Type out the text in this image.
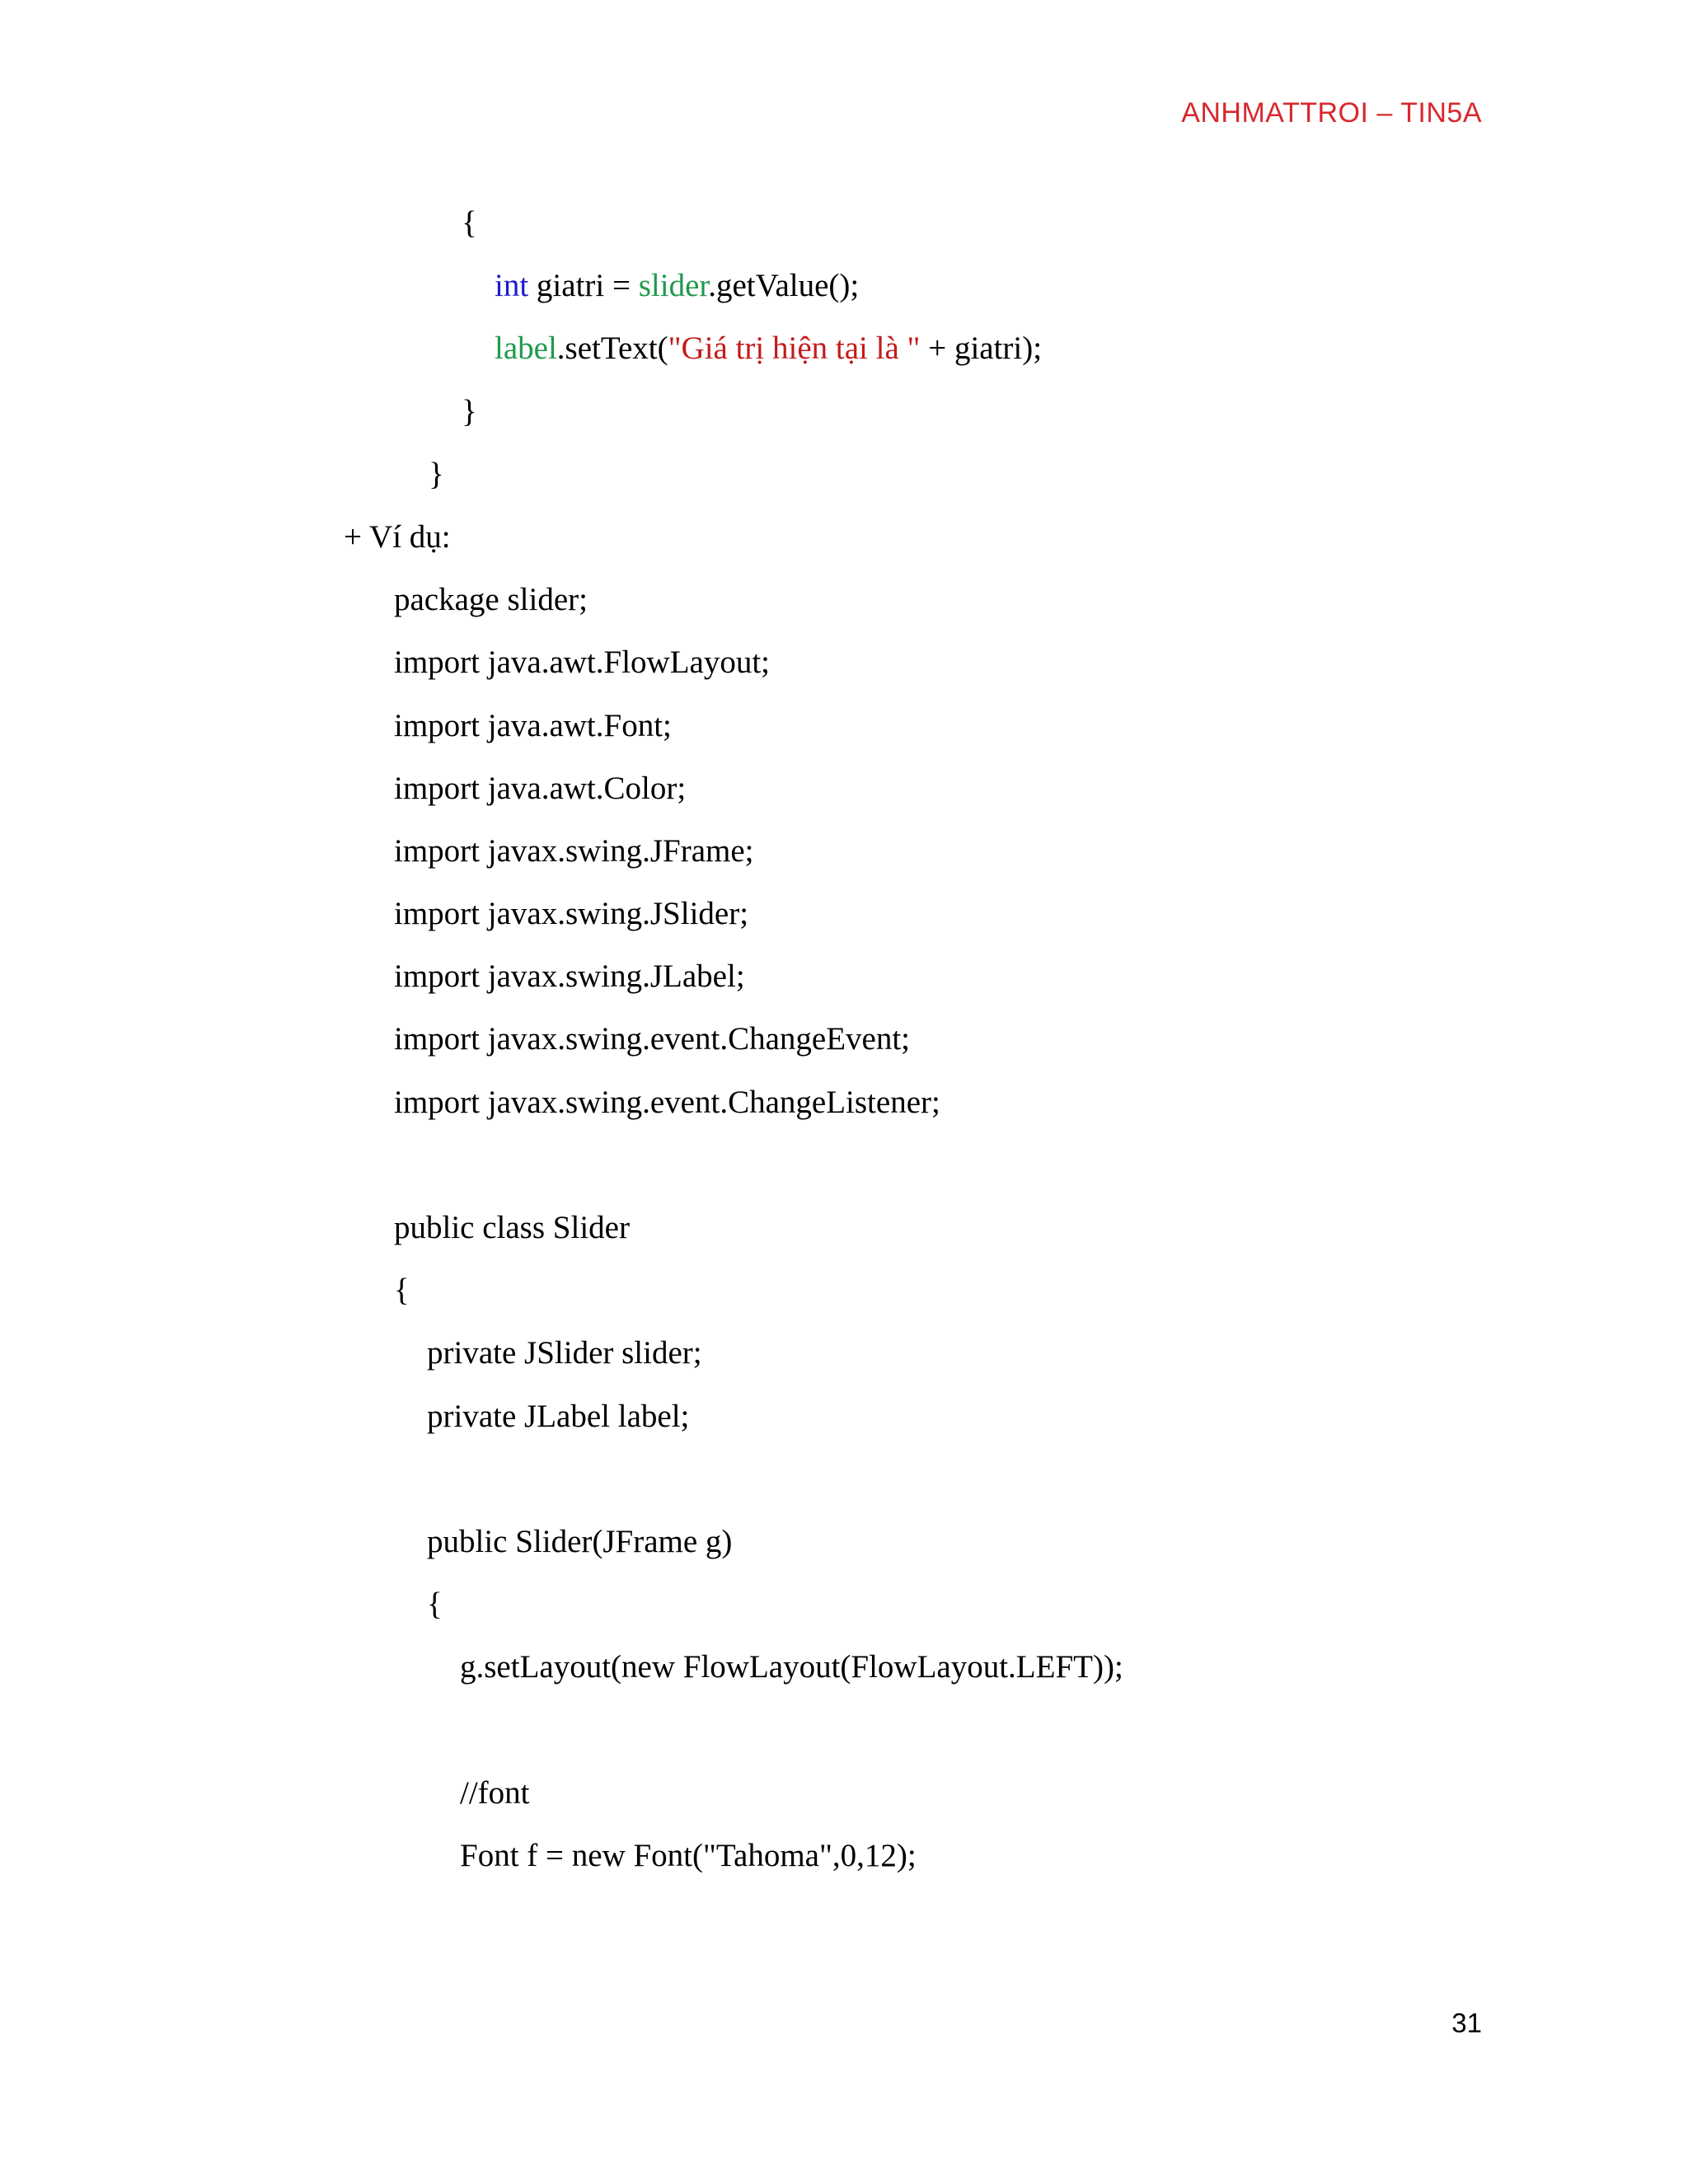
ANHMATTROI – TIN5A
{
int giatri = slider.getValue();
label.setText("Giá trị hiện tại là " + giatri);
}
}
+ Ví dụ:
package slider;
import java.awt.FlowLayout;
import java.awt.Font;
import java.awt.Color;
import javax.swing.JFrame;
import javax.swing.JSlider;
import javax.swing.JLabel;
import javax.swing.event.ChangeEvent;
import javax.swing.event.ChangeListener;
public class Slider
{
private JSlider slider;
private JLabel label;
public Slider(JFrame g)
{
g.setLayout(new FlowLayout(FlowLayout.LEFT));
//font
Font f = new Font("Tahoma",0,12);
31
